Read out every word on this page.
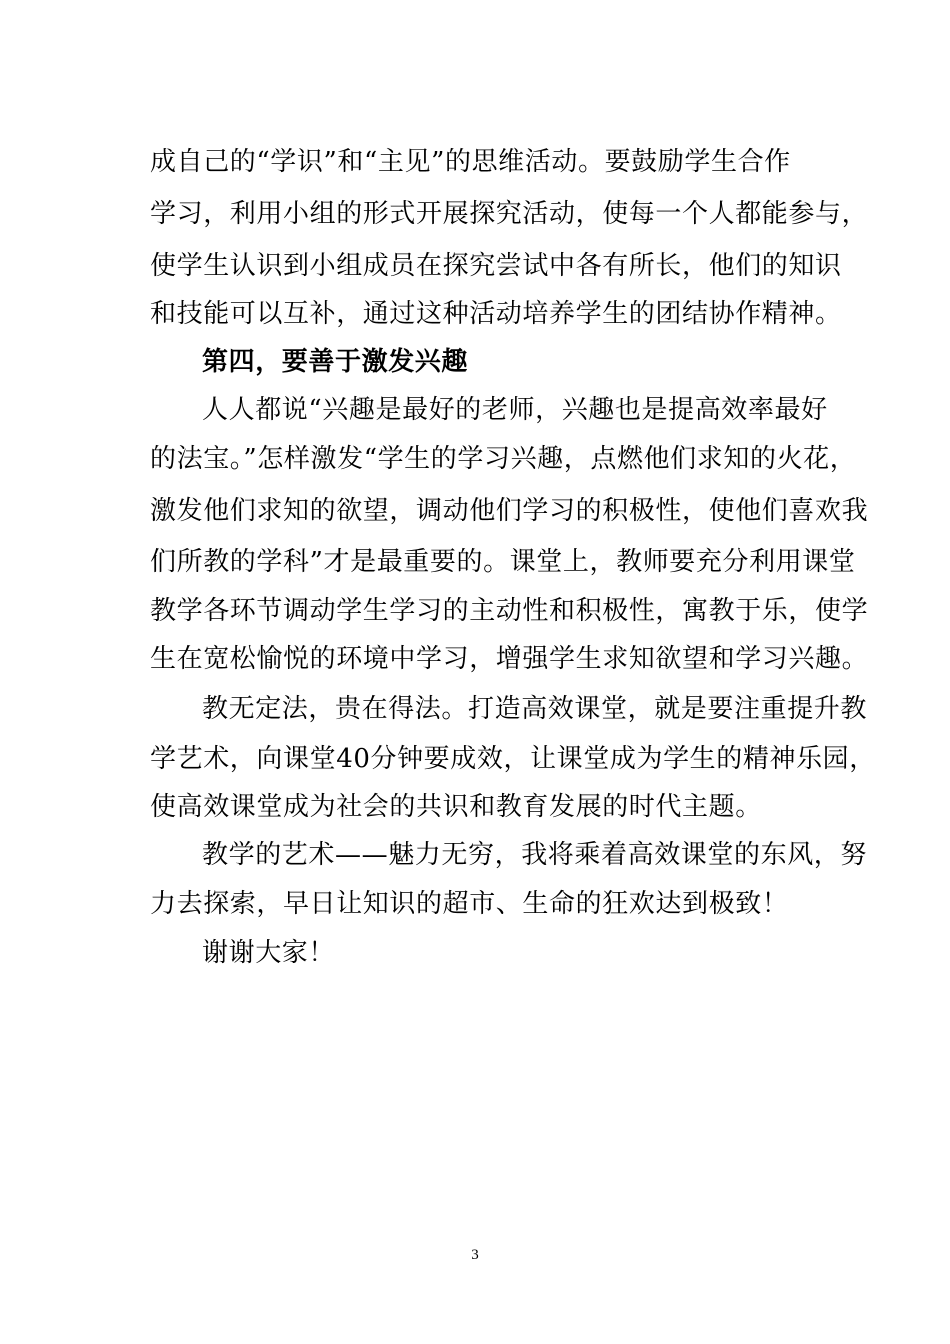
成自己的“学识”和“主见”的思维活动。要鼓励学生合作
学习，利用小组的形式开展探究活动，使每一个人都能参与，
使学生认识到小组成员在探究尝试中各有所长，他们的知识
和技能可以互补，通过这种活动培养学生的团结协作精神。
第四，要善于激发兴趣
人人都说“兴趣是最好的老师，兴趣也是提高效率最好
的法宝。”怎样激发“学生的学习兴趣，点燃他们求知的火花，
激发他们求知的欲望，调动他们学习的积极性，使他们喜欢我
们所教的学科”才是最重要的。课堂上，教师要充分利用课堂
教学各环节调动学生学习的主动性和积极性，寓教于乐，使学
生在宽松愉悦的环境中学习，增强学生求知欲望和学习兴趣。
教无定法，贵在得法。打造高效课堂，就是要注重提升教
学艺术，向课堂40分钟要成效，让课堂成为学生的精神乐园，
使高效课堂成为社会的共识和教育发展的时代主题。
教学的艺术——魅力无穷，我将乘着高效课堂的东风，努
力去探索，早日让知识的超市、生命的狂欢达到极致！
谢谢大家！
3
